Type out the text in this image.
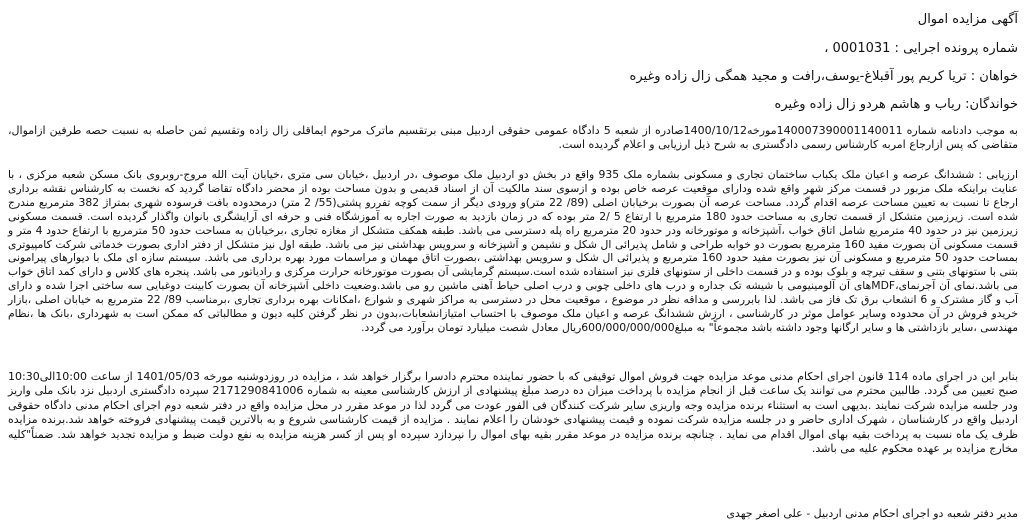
آگهی مزایده اموال

شماره پرونده اجرایی : 0001031 ،

خواهان : تریا کریم پور آقبلاغ-یوسف،رافت و مجید همگی زال زاده وغیره

خواندگان: رباب و هاشم هردو زال زاده وغیره

به موجب دادنامه شماره 140007390001140011مورخه1400/10/12صادره از شعبه 5 دادگاه عمومی حقوقی اردبیل مبنی برتقسیم ماترک مرحوم ایماقلی زال زاده وتقسیم ثمن حاصله به نسبت حصه طرفین ازاموال، متقاضی که پس ازارجاع امربه کارشناس رسمی دادگستری به شرح ذیل ارزیابی و اعلام گردیده است.

ارزیابی : ششدانگ عرصه و اعیان ملک یکباب ساختمان تجاری و مسکونی بشماره ملک 935 واقع در بخش دو اردبیل ملک موصوف ،در اردبیل ،خیابان سی متری ،خیابان آیت الله مروج-روبروی بانک مسکن شعبه مرکزی ، با عنایت براینکه ملک مزبور در قسمت مرکز شهر واقع شده ودارای موقعیت عرصه خاص بوده و ازسوی سند مالکیت آن از اسناد قدیمی و بدون مساحت بوده از محضر دادگاه تقاضا گردید که نخست به کارشناس نقشه برداری ارجاع تا نسبت به تعیین مساحت عرصه اقدام گردد. مساحت عرصه آن بصورت برخیابان اصلی (89/ 22 متر)و ورودی دیگر از سمت کوچه تفررو پشتی(55/ 2 متر) درمحدوده بافت فرسوده شهری بمتراژ 382 مترمربع مندرج شده است. زیرزمین متشکل از قسمت تجاری به مساحت حدود 180 مترمربع با ارتفاع 5 /2 متر بوده که در زمان بازدید به صورت اجاره به آموزشگاه فنی و حرفه ای آرایشگری بانوان واگذار گردیده است. قسمت مسکونی زیرزمین نیز در حدود 40 مترمربع شامل اتاق خواب ،آشپزخانه و موتورخانه ودر حدود 20 مترمربع راه پله دسترسی می باشد. طبقه همکف متشکل از مغازه تجاری ،برخیابان به مساحت حدود 50 مترمربع با ارتفاع حدود 4 متر و قسمت مسکونی آن بصورت مفید 160 مترمربع بصورت دو خوابه طراحی و شامل پذیرائی ال شکل و نشیمن و آشپزخانه و سرویس بهداشتی نیز می باشد. طبقه اول نیز متشکل از دفتر اداری بصورت خدماتی شرکت کامپیوتری بمساحت حدود 50 مترمربع و مسکونی آن نیز بصورت مفید حدود 160 مترمربع و پذیرائی ال شکل و سرویس بهداشتی ،بصورت اتاق مهمان و مراسمات مورد بهره برداری می باشد. سیستم سازه ای ملک با دیوارهای پیرامونی بتنی با ستونهای بتنی و سقف تیرچه و بلوک بوده و در قسمت داخلی از ستونهای فلزی نیز استفاده شده است.سیستم گرمایشی آن بصورت موتورخانه حرارت مرکزی و رادیاتور می باشد. پنجره های کلاس و دارای کمد اتاق خواب می باشد.نمای آن آجرنمای،MDFهای آن آلومینیومی با شیشه تک جداره و درب های داخلی چوبی و درب اصلی حیاط آهنی ماشین رو می باشد.وضعیت داخلی آشپزخانه آن بصورت کابینت دوغبایی سه ساختی اجرا شده و دارای آب و گاز مشترک و 6 انشعاب برق تک فاز می باشد. لذا بابررسی و مداقه نظر در موضوع ، موقعیت محل در دسترسی به مراکز شهری و شوارع ،امکانات بهره برداری تجاری ،برمناسب 89/ 22 مترمربع به خیابان اصلی ،بازار خریدو فروش در آن محدوده وسایر عوامل موثر در کارشناسی ، ارزش ششدانگ عرصه و اعیان ملک موصوف با احتساب امتیازانشعابات،بدون در نظر گرفتن کلیه دیون و مطالباتی که ممکن است به شهرداری ،بانک ها ،نظام مهندسی ،سایر بازداشتی ها و سایر ارگانها وجود داشته باشد مجموعاً" به مبلغ600/000/000/000ریال معادل شصت میلیارد تومان برآورد می گردد.

بنابر این در اجرای ماده 114 قانون اجرای احکام مدنی موعد مزایده جهت فروش اموال توقیفی که با حضور نماینده محترم دادسرا برگزار خواهد شد ، مزایده در روزدوشنبه مورخه 1401/05/03 از ساعت 10:00الی10:30 صبح تعیین می گردد. طالبین محترم می توانند یک ساعت قبل از انجام مزایده با پرداخت میزان ده درصد مبلغ پیشنهادی از ارزش کارشناسی معینه به شماره 2171290841006 سپرده دادگستری اردبیل نزد بانک ملی واریز ودر جلسه مزایده شرکت نمایند .بدیهی است به استثناء برنده مزایده وجه واریزی سایر شرکت کنندگان فی الفور عودت می گردد لذا در موعد مقرر در محل مزایده واقع در دفتر شعبه دوم اجرای احکام مدنی دادگاه حقوقی اردبیل واقع در کارشناسان ، شهرک اداری حاضر و در جلسه مزایده شرکت نموده و قیمت پیشنهادی خودشان را اعلام نمایند . مزایده از قیمت کارشناسی شروع و به بالاترین قیمت پیشنهادی فروخته خواهد شد.برنده مزایده ظرف یک ماه نسبت به پرداخت بقیه بهای اموال اقدام می نماید . چنانچه برنده مزایده در موعد مقرر بقیه بهای اموال را نپردازد سپرده او پس از کسر هزینه مزایده به نفع دولت ضبط و مزایده تجدید خواهد شد. ضمناً"کلیه مخارج مزایده بر عهده محکوم علیه می باشد.

مدیر دفتر شعبه دو اجرای احکام مدنی اردبیل - علی اصغر جهدی
